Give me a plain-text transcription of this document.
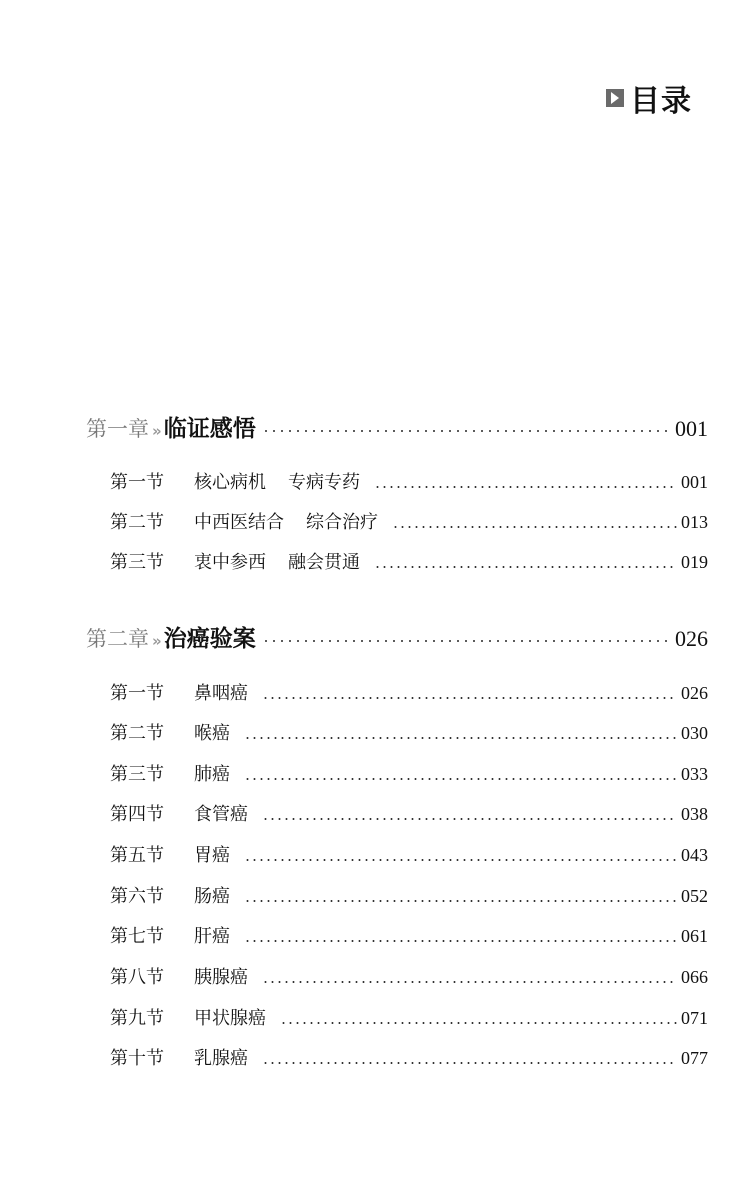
目录
第一章 » 临证感悟	001
第一节	核心病机 专病专药	001
第二节	中西医结合 综合治疗	013
第三节	衷中参西 融会贯通	019
第二章 » 治癌验案	026
第一节	鼻咽癌	026
第二节	喉癌	030
第三节	肺癌	033
第四节	食管癌	038
第五节	胃癌	043
第六节	肠癌	052
第七节	肝癌	061
第八节	胰腺癌	066
第九节	甲状腺癌	071
第十节	乳腺癌	077
